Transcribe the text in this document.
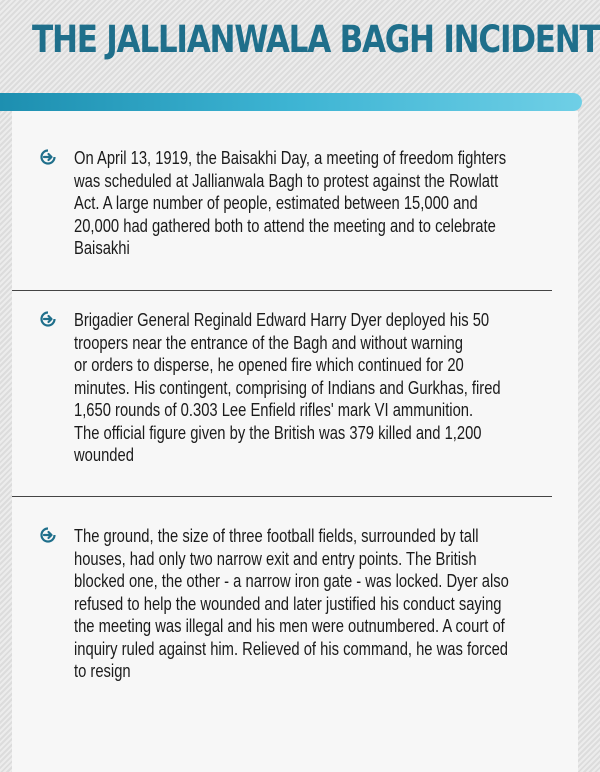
THE JALLIANWALA BAGH INCIDENT
On April 13, 1919, the Baisakhi Day, a meeting of freedom fighters
was scheduled at Jallianwala Bagh to protest against the Rowlatt
Act. A large number of people, estimated between 15,000 and
20,000 had gathered both to attend the meeting and to celebrate
Baisakhi
Brigadier General Reginald Edward Harry Dyer deployed his 50
troopers near the entrance of the Bagh and without warning
or orders to disperse, he opened fire which continued for 20
minutes. His contingent, comprising of Indians and Gurkhas, fired
1,650 rounds of 0.303 Lee Enfield rifles' mark VI ammunition.
The official figure given by the British was 379 killed and 1,200
wounded
The ground, the size of three football fields, surrounded by tall
houses, had only two narrow exit and entry points. The British
blocked one, the other - a narrow iron gate - was locked. Dyer also
refused to help the wounded and later justified his conduct saying
the meeting was illegal and his men were outnumbered. A court of
inquiry ruled against him. Relieved of his command, he was forced
to resign
